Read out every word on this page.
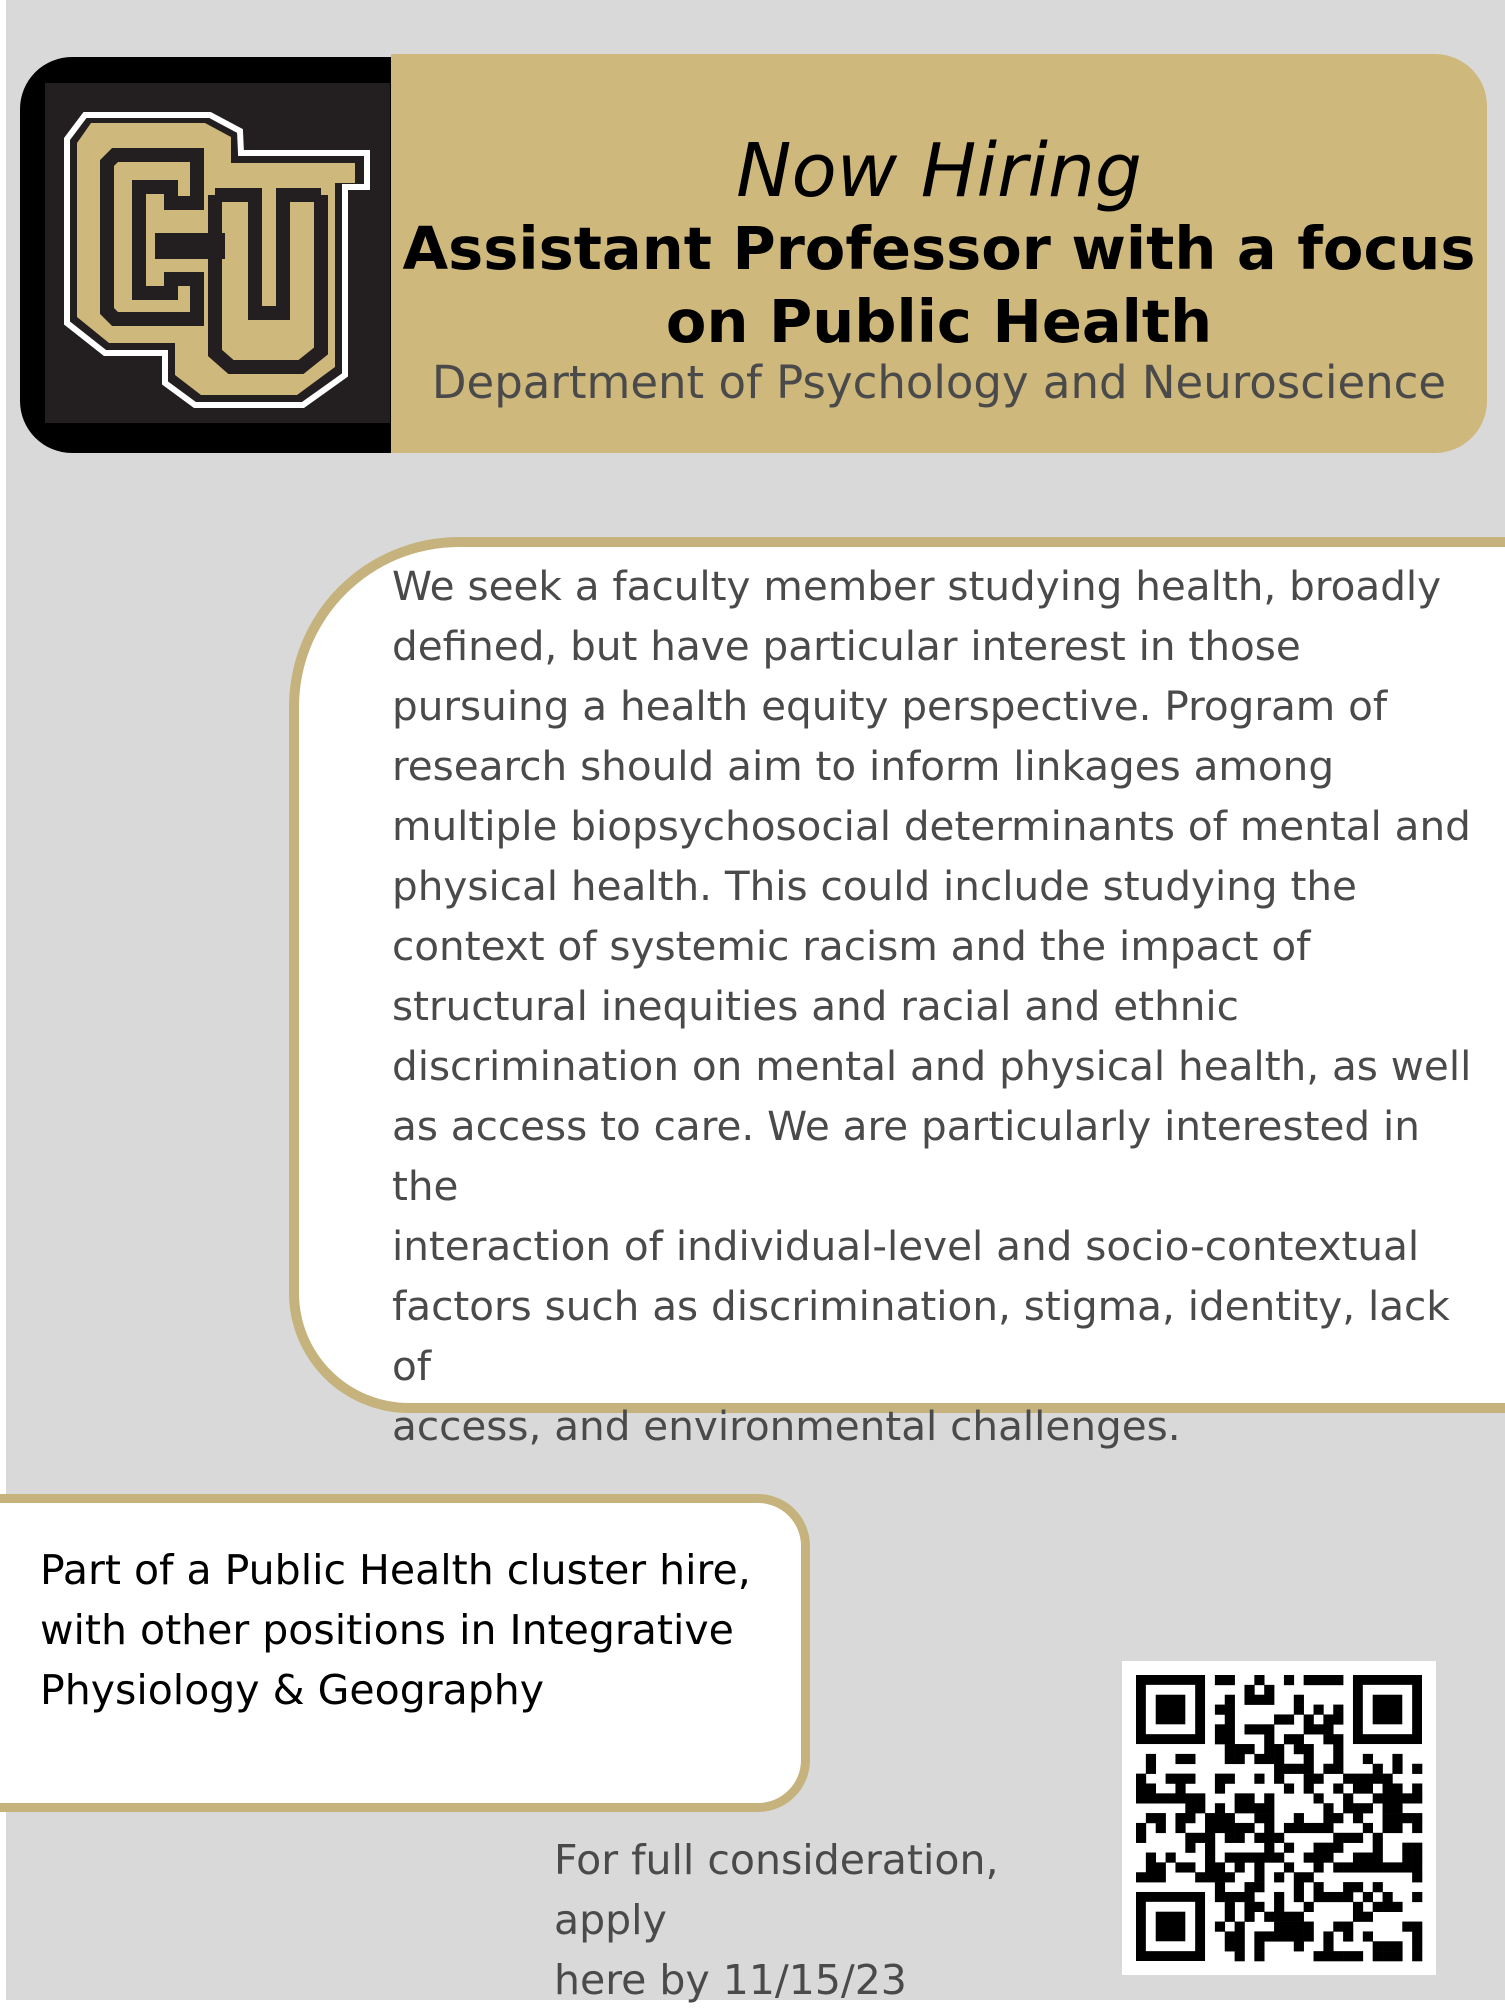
Now Hiring
Assistant Professor with a focus
on Public Health
Department of Psychology and Neuroscience
We seek a faculty member studying health, broadly
defined, but have particular interest in those
pursuing a health equity perspective. Program of
research should aim to inform linkages among
multiple biopsychosocial determinants of mental and
physical health. This could include studying the
context of systemic racism and the impact of
structural inequities and racial and ethnic
discrimination on mental and physical health, as well
as access to care. We are particularly interested in the
interaction of individual-level and socio-contextual
factors such as discrimination, stigma, identity, lack of
access, and environmental challenges.
Part of a Public Health cluster hire,
with other positions in Integrative
Physiology & Geography
For full consideration, apply
here by 11/15/23
